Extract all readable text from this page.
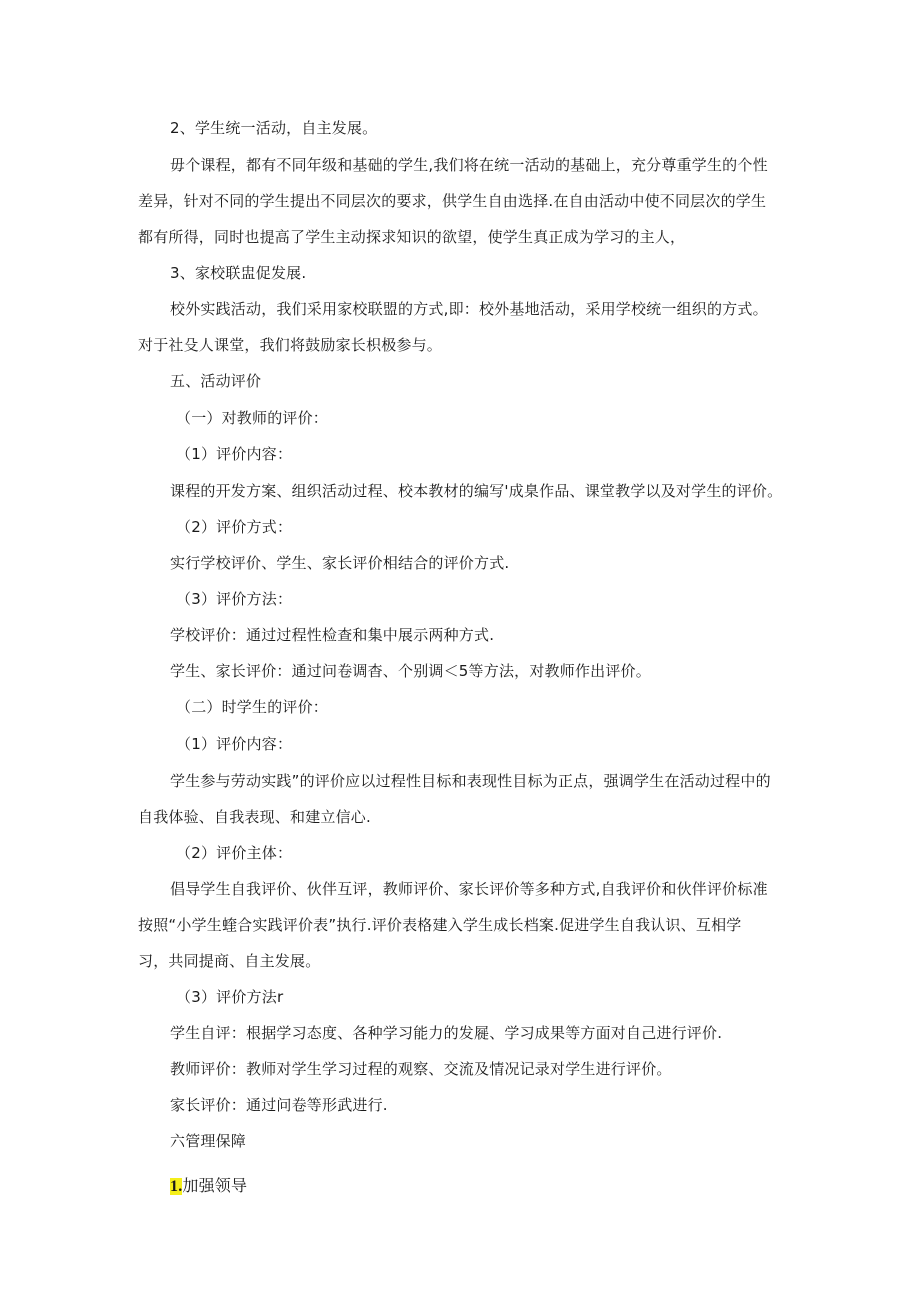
2、学生统一活动，自主发展。
毋个课程，都有不同年级和基础的学生,我们将在统一活动的基础上，充分尊重学生的个性
差异，针对不同的学生提出不同层次的要求，供学生自由选择.在自由活动中使不同层次的学生
都有所得，同时也提高了学生主动探求知识的欲望，使学生真正成为学习的主人，
3、家校联盅促发展.
校外实践活动，我们采用家校联盟的方式,即：校外基地活动，采用学校统一组织的方式。
对于社殳人课堂，我们将鼓励家长枳极参与。
五、活动评价
（一）对教师的评价：
（1）评价内容：
课程的开发方案、组织活动过程、校本教材的编写'成臬作品、课堂教学以及对学生的评价。
（2）评价方式：
实行学校评价、学生、家长评价相结合的评价方式.
（3）评价方法：
学校评价：通过过程性检查和集中展示两种方式.
学生、家长评价：通过问卷调杳、个别调＜5等方法，对教师作出评价。
（二）时学生的评价：
（1）评价内容：
学生参与劳动实践”的评价应以过程性目标和表现性目标为正点，强调学生在活动过程中的
自我体验、自我表现、和建立信心.
（2）评价主体：
倡导学生自我评价、伙伴互评，教师评价、家长评价等多种方式,自我评价和伙伴评价标准
按照“小学生蝰合实践评价表”执行.评价表格建入学生成长档案.促进学生自我认识、互相学
习，共同提商、自主发展。
（3）评价方法r
学生自评：根据学习态度、各种学习能力的发屣、学习成果等方面对自己进行评价.
教师评价：教师对学生学习过程的观察、交流及情况记录对学生进行评价。
家长评价：通过问卷等形武进行.
六管理保障
1.加强领导
